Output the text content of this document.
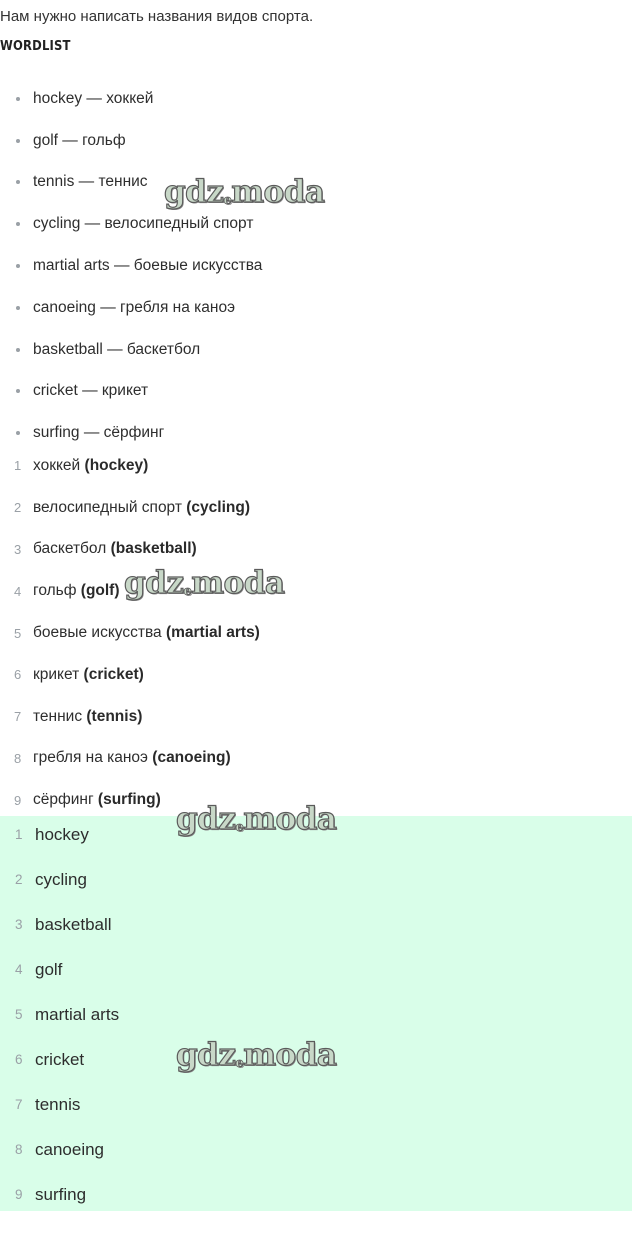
Нам нужно написать названия видов спорта.
WORDLIST
hockey — хоккей
golf — гольф
tennis — теннис
cycling — велосипедный спорт
martial arts — боевые искусства
canoeing — гребля на каноэ
basketball — баскетбол
cricket — крикет
surfing — сёрфинг
1 хоккей (hockey)
2 велосипедный спорт (cycling)
3 баскетбол (basketball)
4 гольф (golf)
5 боевые искусства (martial arts)
6 крикет (cricket)
7 теннис (tennis)
8 гребля на каноэ (canoeing)
9 сёрфинг (surfing)
1 hockey
2 cycling
3 basketball
4 golf
5 martial arts
6 cricket
7 tennis
8 canoeing
9 surfing
gdzеmoda
gdzеmoda
gdzеmoda
gdzеmoda
